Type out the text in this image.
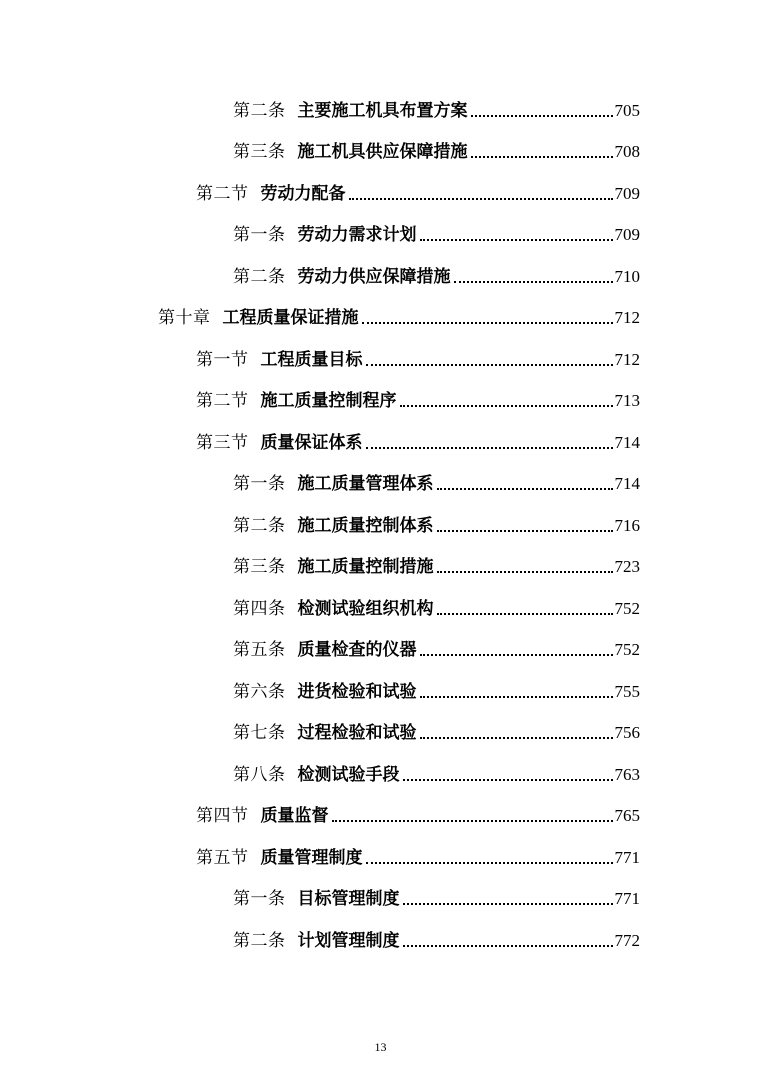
第二条 主要施工机具布置方案	705
第三条 施工机具供应保障措施	708
第二节 劳动力配备	709
第一条 劳动力需求计划	709
第二条 劳动力供应保障措施	710
第十章 工程质量保证措施	712
第一节 工程质量目标	712
第二节 施工质量控制程序	713
第三节 质量保证体系	714
第一条 施工质量管理体系	714
第二条 施工质量控制体系	716
第三条 施工质量控制措施	723
第四条 检测试验组织机构	752
第五条 质量检查的仪器	752
第六条 进货检验和试验	755
第七条 过程检验和试验	756
第八条 检测试验手段	763
第四节 质量监督	765
第五节 质量管理制度	771
第一条 目标管理制度	771
第二条 计划管理制度	772
13
